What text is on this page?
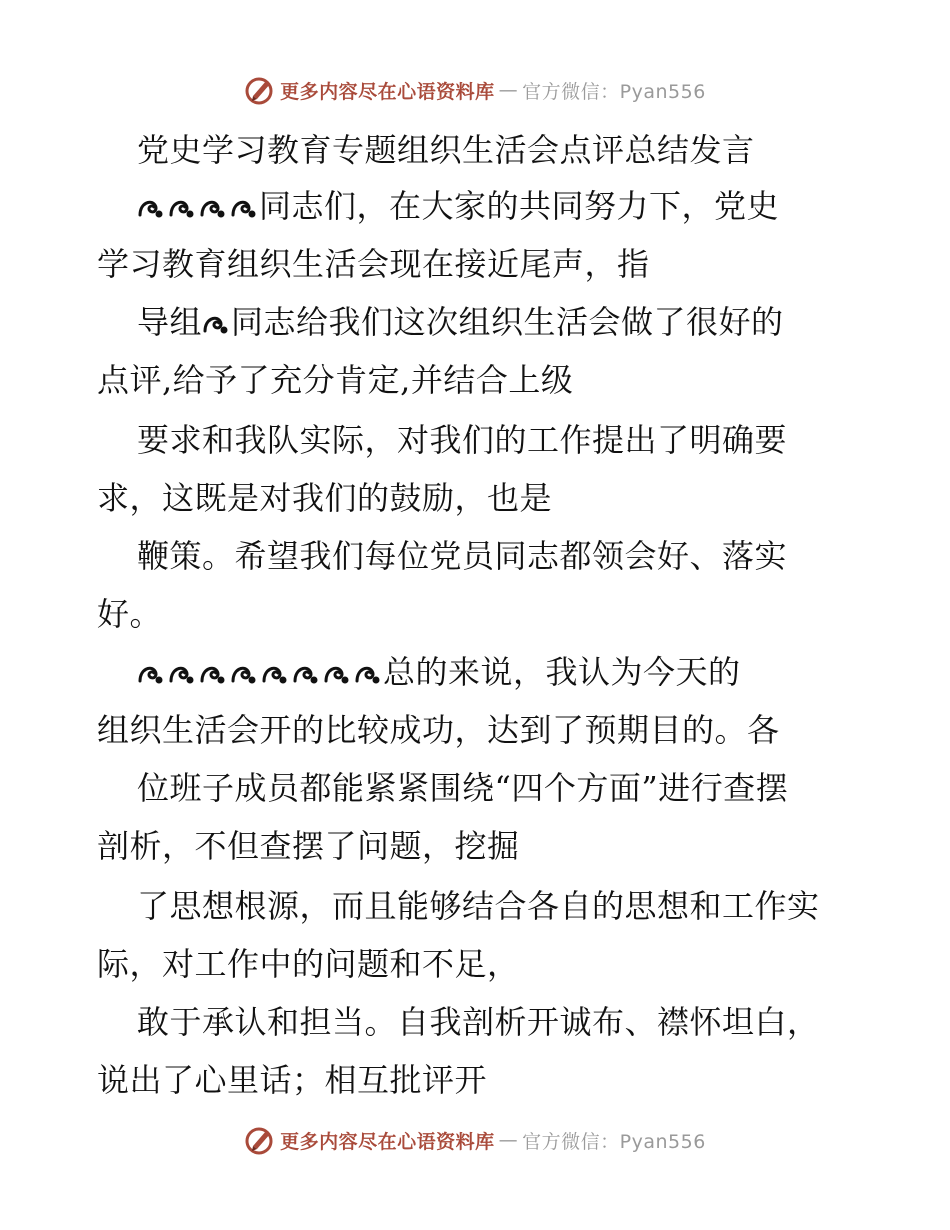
更多内容尽在心语资料库 — 官方微信：Pyan556
党史学习教育专题组织生活会点评总结发言
同志们，在大家的共同努力下，党史
学习教育组织生活会现在接近尾声，指
导组 同志给我们这次组织生活会做了很好的
点评,给予了充分肯定,并结合上级
要求和我队实际，对我们的工作提出了明确要
求，这既是对我们的鼓励，也是
鞭策。希望我们每位党员同志都领会好、落实
好。
总的来说，我认为今天的
组织生活会开的比较成功，达到了预期目的。各
位班子成员都能紧紧围绕“四个方面”进行查摆
剖析，不但查摆了问题，挖掘
了思想根源，而且能够结合各自的思想和工作实
际，对工作中的问题和不足，
敢于承认和担当。自我剖析开诚布、襟怀坦白，
说出了心里话；相互批评开
更多内容尽在心语资料库 — 官方微信：Pyan556
